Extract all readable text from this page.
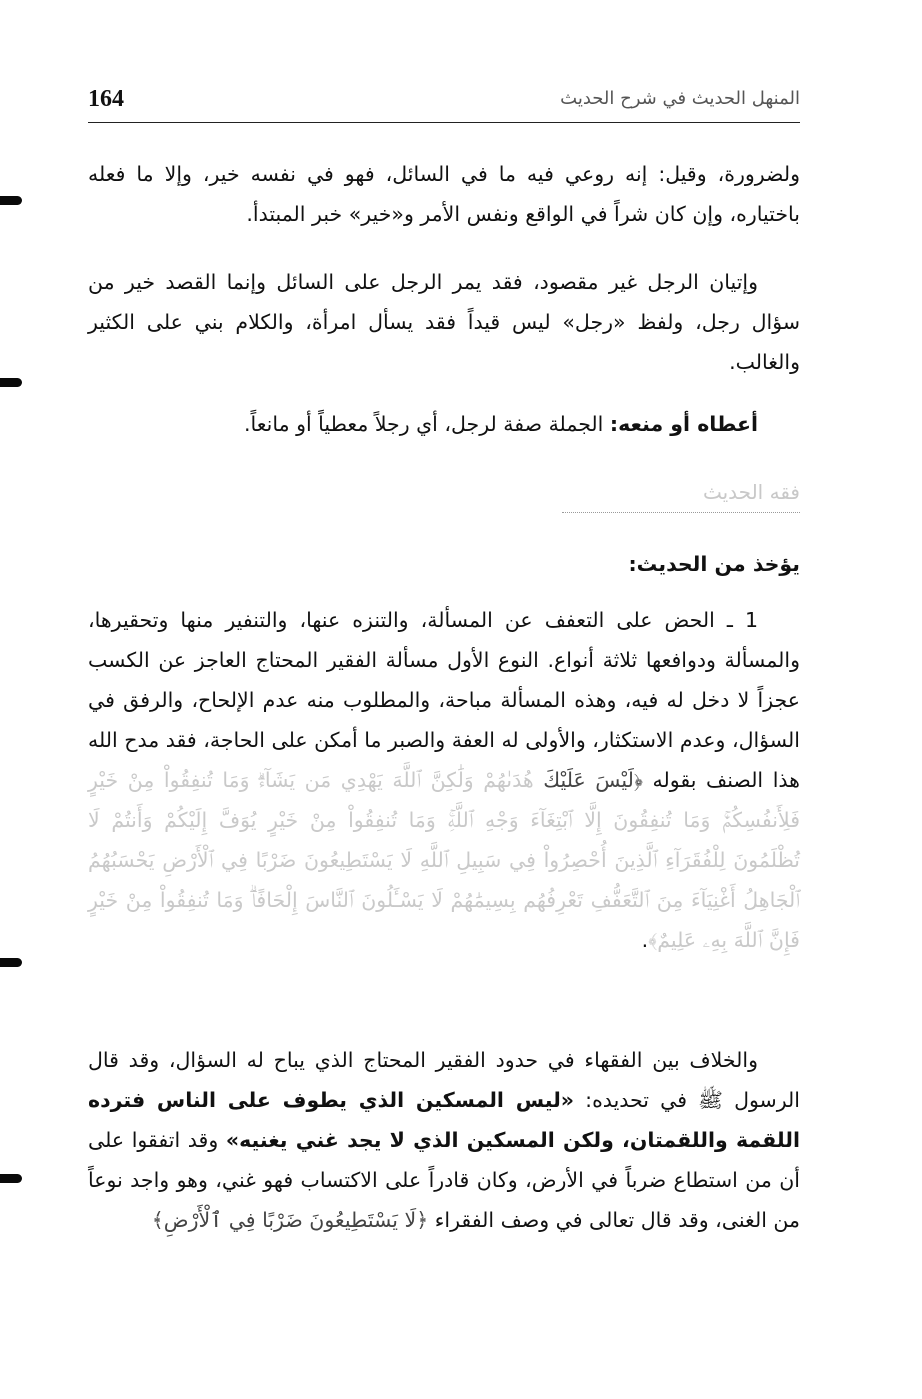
164	المنهل الحديث في شرح الحديث

ولضرورة، وقيل: إنه روعي فيه ما في السائل، فهو في نفسه خير، وإلا ما فعله باختياره، وإن كان شراً في الواقع ونفس الأمر و«خير» خبر المبتدأ.

وإتيان الرجل غير مقصود، فقد يمر الرجل على السائل وإنما القصد خير من سؤال رجل، ولفظ «رجل» ليس قيداً فقد يسأل امرأة، والكلام بني على الكثير والغالب.

أعطاه أو منعه: الجملة صفة لرجل، أي رجلاً معطياً أو مانعاً.

فقه الحديث

يؤخذ من الحديث:

1 ـ الحض على التعفف عن المسألة، والتنزه عنها، والتنفير منها وتحقيرها، والمسألة ودوافعها ثلاثة أنواع. النوع الأول مسألة الفقير المحتاج العاجز عن الكسب عجزاً لا دخل له فيه، وهذه المسألة مباحة، والمطلوب منه عدم الإلحاح، والرفق في السؤال، وعدم الاستكثار، والأولى له العفة والصبر ما أمكن على الحاجة، فقد مدح الله هذا الصنف بقوله ﴿لَيْسَ عَلَيْكَ هُدَىٰهُمْ وَلَٰكِنَّ ٱللَّهَ يَهْدِي مَن يَشَآءُۗ وَمَا تُنفِقُواْ مِنْ خَيْرٍ فَلِأَنفُسِكُمْۚ وَمَا تُنفِقُونَ إِلَّا ٱبْتِغَآءَ وَجْهِ ٱللَّهِۚ وَمَا تُنفِقُواْ مِنْ خَيْرٍ يُوَفَّ إِلَيْكُمْ وَأَنتُمْ لَا تُظْلَمُونَ لِلْفُقَرَآءِ ٱلَّذِينَ أُحْصِرُواْ فِي سَبِيلِ ٱللَّهِ لَا يَسْتَطِيعُونَ ضَرْبًا فِي ٱلْأَرْضِ يَحْسَبُهُمُ ٱلْجَاهِلُ أَغْنِيَآءَ مِنَ ٱلتَّعَفُّفِ تَعْرِفُهُم بِسِيمَٰهُمْ لَا يَسْـَٔلُونَ ٱلنَّاسَ إِلْحَافًاۗ وَمَا تُنفِقُواْ مِنْ خَيْرٍ فَإِنَّ ٱللَّهَ بِهِۦ عَلِيمٌ﴾.

والخلاف بين الفقهاء في حدود الفقير المحتاج الذي يباح له السؤال، وقد قال الرسول ﷺ في تحديده: «ليس المسكين الذي يطوف على الناس فترده اللقمة واللقمتان، ولكن المسكين الذي لا يجد غني يغنيه» وقد اتفقوا على أن من استطاع ضرباً في الأرض، وكان قادراً على الاكتساب فهو غني، وهو واجد نوعاً من الغنى، وقد قال تعالى في وصف الفقراء ﴿لَا يَسْتَطِيعُونَ ضَرْبًا فِي ٱلْأَرْضِ﴾
